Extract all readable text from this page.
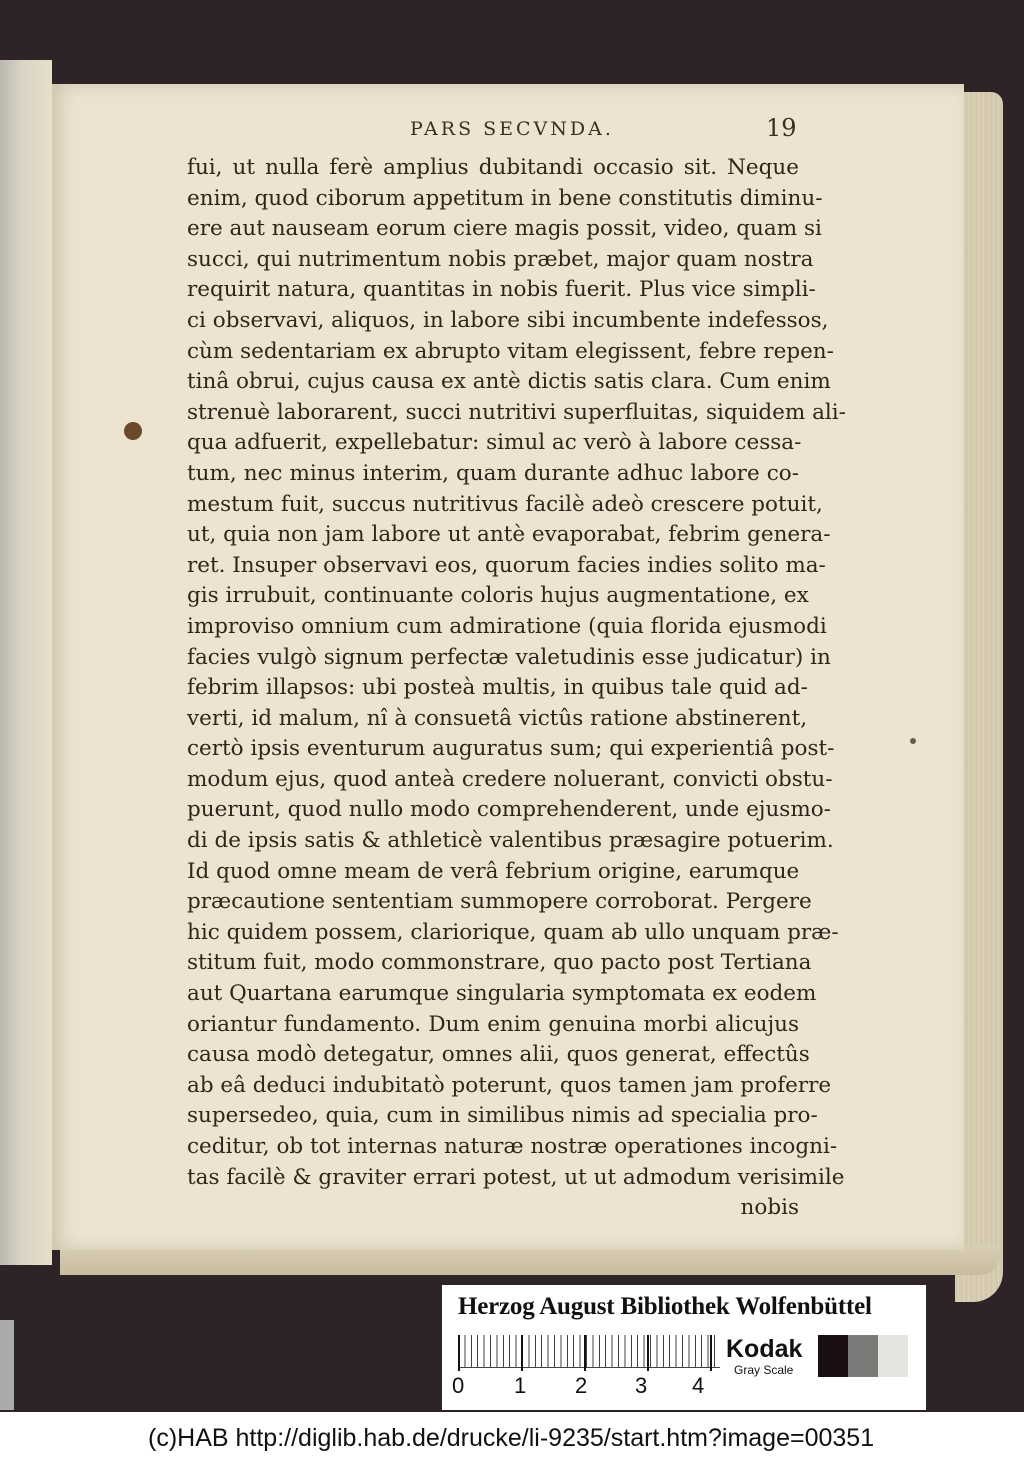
PARS SECVNDA.	19
fui, ut nulla ferè amplius dubitandi occasio sit. Neque
enim, quod ciborum appetitum in bene constitutis diminu-
ere aut nauseam eorum ciere magis possit, video, quam si
succi, qui nutrimentum nobis præbet, major quam nostra
requirit natura, quantitas in nobis fuerit. Plus vice simpli-
ci observavi, aliquos, in labore sibi incumbente indefessos,
cùm sedentariam ex abrupto vitam elegissent, febre repen-
tinâ obrui, cujus causa ex antè dictis satis clara. Cum enim
strenuè laborarent, succi nutritivi superfluitas, siquidem ali-
qua adfuerit, expellebatur: simul ac verò à labore cessa-
tum, nec minus interim, quam durante adhuc labore co-
mestum fuit, succus nutritivus facilè adeò crescere potuit,
ut, quia non jam labore ut antè evaporabat, febrim genera-
ret. Insuper observavi eos, quorum facies indies solito ma-
gis irrubuit, continuante coloris hujus augmentatione, ex
improviso omnium cum admiratione (quia florida ejusmodi
facies vulgò signum perfectæ valetudinis esse judicatur) in
febrim illapsos: ubi posteà multis, in quibus tale quid ad-
verti, id malum, nî à consuetâ victûs ratione abstinerent,
certò ipsis eventurum auguratus sum; qui experientiâ post-
modum ejus, quod anteà credere noluerant, convicti obstu-
puerunt, quod nullo modo comprehenderent, unde ejusmo-
di de ipsis satis & athleticè valentibus præsagire potuerim.
Id quod omne meam de verâ febrium origine, earumque
præcautione sententiam summopere corroborat. Pergere
hic quidem possem, clariorique, quam ab ullo unquam præ-
stitum fuit, modo commonstrare, quo pacto post Tertiana
aut Quartana earumque singularia symptomata ex eodem
oriantur fundamento. Dum enim genuina morbi alicujus
causa modò detegatur, omnes alii, quos generat, effectûs
ab eâ deduci indubitatò poterunt, quos tamen jam proferre
supersedeo, quia, cum in similibus nimis ad specialia pro-
ceditur, ob tot internas naturæ nostræ operationes incogni-
tas facilè & graviter errari potest, ut ut admodum verisimile
nobis
Herzog August Bibliothek Wolfenbüttel
0 1 2 3 4
Kodak
Gray Scale
(c)HAB http://diglib.hab.de/drucke/li-9235/start.htm?image=00351
